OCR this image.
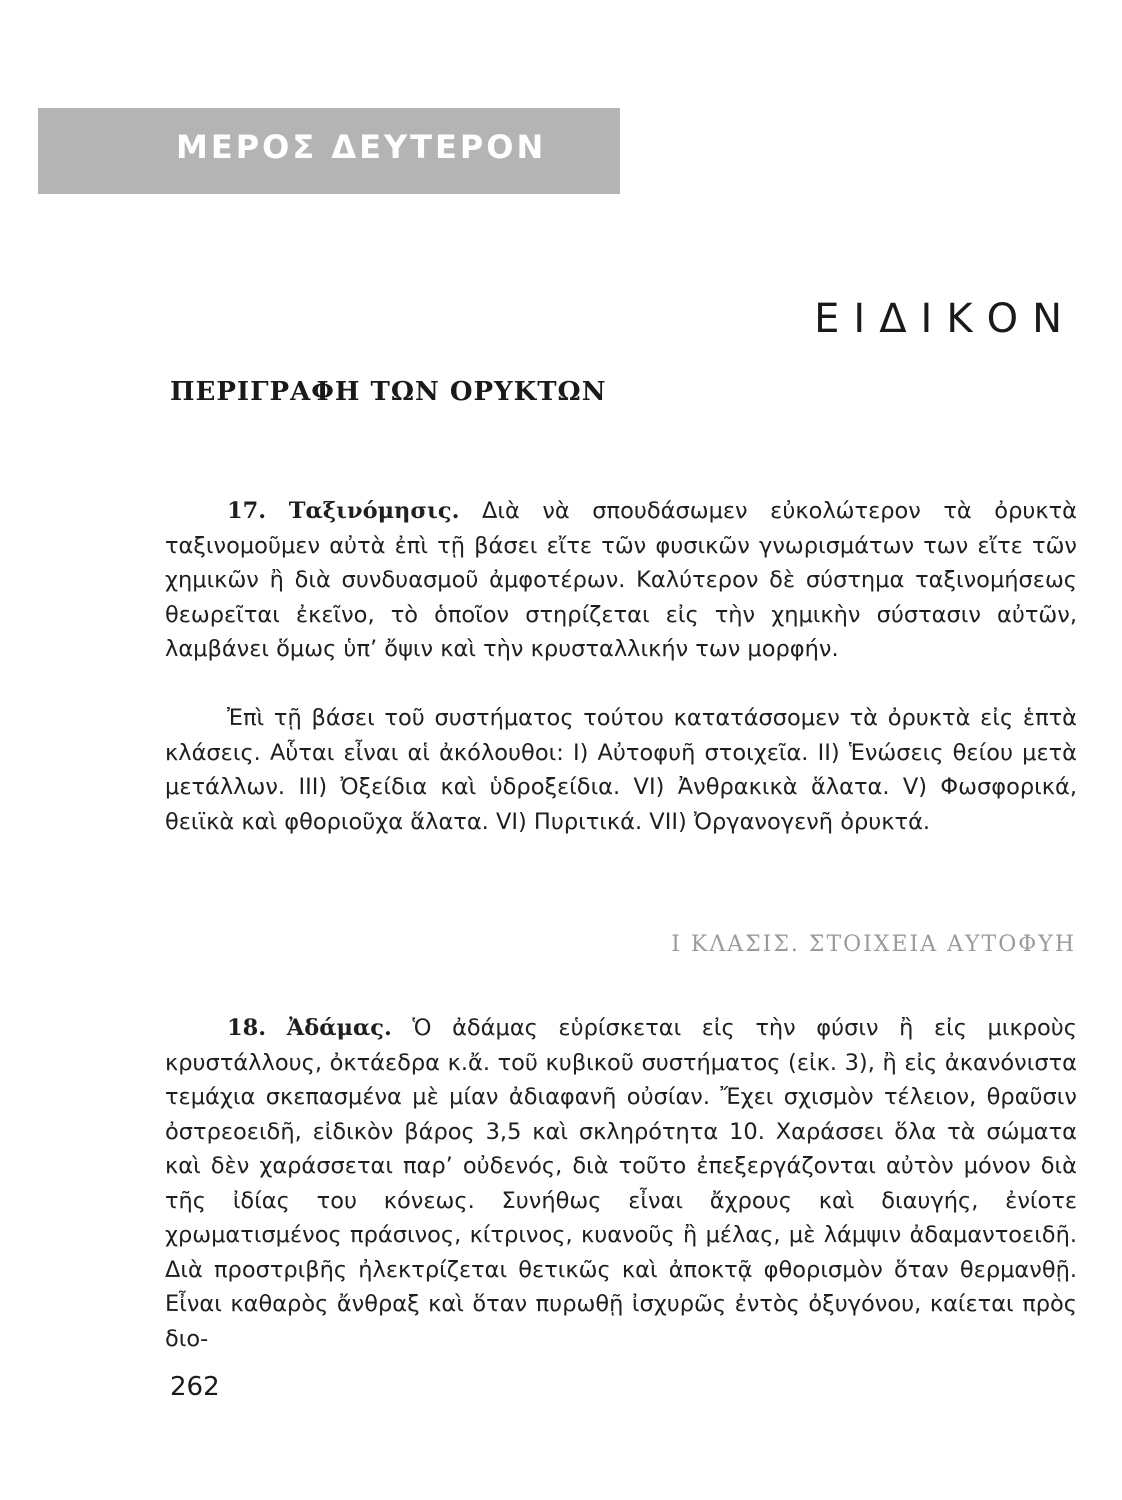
ΜΕΡΟΣ ΔΕΥΤΕΡΟΝ
ΕΙΔΙΚΟΝ
ΠΕΡΙΓΡΑΦΗ ΤΩΝ ΟΡΥΚΤΩΝ

17. Ταξινόμησις. Διὰ νὰ σπουδάσωμεν εὐκολώτερον τὰ ὀρυκτὰ ταξινομοῦμεν αὐτὰ ἐπὶ τῇ βάσει εἴτε τῶν φυσικῶν γνωρισμάτων των εἴτε τῶν χημικῶν ἢ διὰ συνδυασμοῦ ἀμφοτέρων. Καλύτερον δὲ σύστημα ταξινομήσεως θεωρεῖται ἐκεῖνο, τὸ ὁποῖον στηρίζεται εἰς τὴν χημικὴν σύστασιν αὐτῶν, λαμβάνει ὅμως ὑπ’ ὄψιν καὶ τὴν κρυσταλλικήν των μορφήν.

Ἐπὶ τῇ βάσει τοῦ συστήματος τούτου κατατάσσομεν τὰ ὀρυκτὰ εἰς ἑπτὰ κλάσεις. Αὗται εἶναι αἱ ἀκόλουθοι: I) Αὐτοφυῆ στοιχεῖα. II) Ἑνώσεις θείου μετὰ μετάλλων. III) Ὀξείδια καὶ ὑδροξείδια. VI) Ἀνθρακικὰ ἅλατα. V) Φωσφορικά, θειϊκὰ καὶ φθοριοῦχα ἅλατα. VI) Πυριτικά. VII) Ὀργανογενῆ ὀρυκτά.

Ι ΚΛΑΣΙΣ. ΣΤΟΙΧΕΙΑ ΑΥΤΟΦΥΗ

18. Ἀδάμας. Ὁ ἀδάμας εὑρίσκεται εἰς τὴν φύσιν ἢ εἰς μικροὺς κρυστάλλους, ὀκτάεδρα κ.ἄ. τοῦ κυβικοῦ συστήματος (εἰκ. 3), ἢ εἰς ἀκανόνιστα τεμάχια σκεπασμένα μὲ μίαν ἀδιαφανῆ οὐσίαν. Ἔχει σχισμὸν τέλειον, θραῦσιν ὀστρεοειδῆ, εἰδικὸν βάρος 3,5 καὶ σκληρότητα 10. Χαράσσει ὅλα τὰ σώματα καὶ δὲν χαράσσεται παρ’ οὐδενός, διὰ τοῦτο ἐπεξεργάζονται αὐτὸν μόνον διὰ τῆς ἰδίας του κόνεως. Συνήθως εἶναι ἄχρους καὶ διαυγής, ἐνίοτε χρωματισμένος πράσινος, κίτρινος, κυανοῦς ἢ μέλας, μὲ λάμψιν ἀδαμαντοειδῆ. Διὰ προστριβῆς ἠλεκτρίζεται θετικῶς καὶ ἀποκτᾷ φθορισμὸν ὅταν θερμανθῇ. Εἶναι καθαρὸς ἄνθραξ καὶ ὅταν πυρωθῇ ἰσχυρῶς ἐντὸς ὀξυγόνου, καίεται πρὸς διο-

262
